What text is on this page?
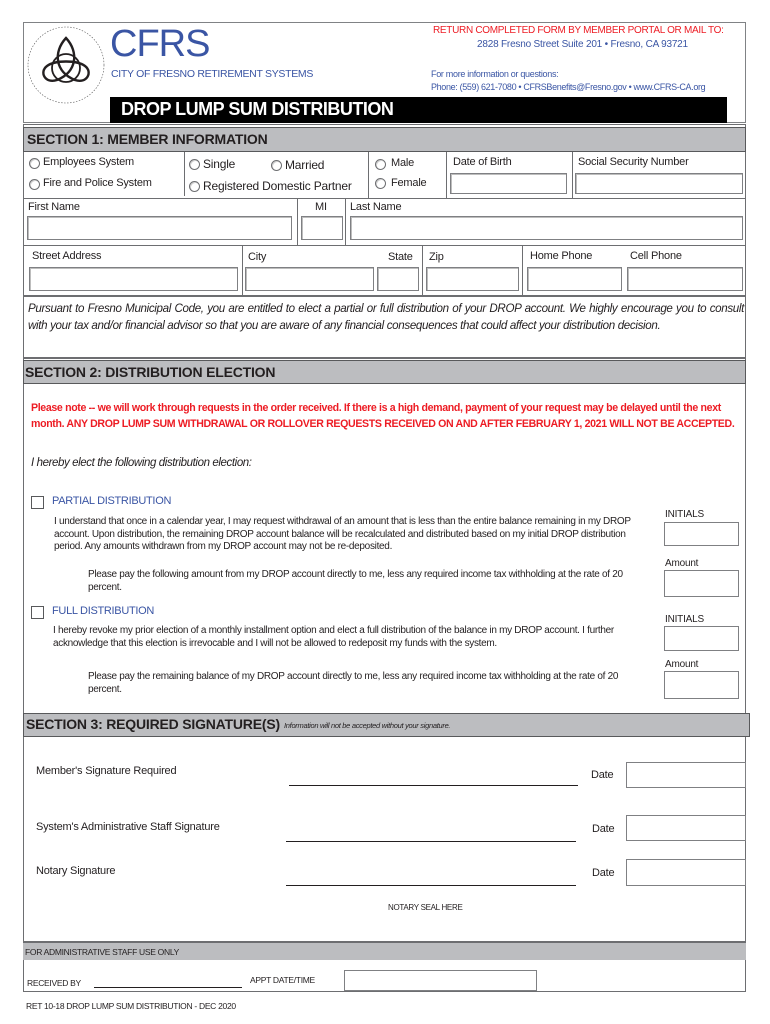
CFRS
CITY OF FRESNO RETIREMENT SYSTEMS
RETURN COMPLETED FORM BY MEMBER PORTAL OR MAIL TO:
2828 Fresno Street Suite 201 • Fresno, CA 93721
For more information or questions:
Phone: (559) 621-7080 • CFRSBenefits@Fresno.gov • www.CFRS-CA.org
DROP LUMP SUM DISTRIBUTION
SECTION 1: MEMBER INFORMATION
Employees System
Fire and Police System
Single	Married
Registered Domestic Partner
Male
Female
Date of Birth	Social Security Number
First Name	MI Last Name
Street Address	City	State Zip	Home Phone	Cell Phone
Pursuant to Fresno Municipal Code, you are entitled to elect a partial or full distribution of your DROP account. We highly encourage you to consult with your tax and/or financial advisor so that you are aware of any financial consequences that could affect your distribution decision.
SECTION 2: DISTRIBUTION ELECTION
Please note -- we will work through requests in the order received. If there is a high demand, payment of your request may be delayed until the next month. ANY DROP LUMP SUM WITHDRAWAL OR ROLLOVER REQUESTS RECEIVED ON AND AFTER FEBRUARY 1, 2021 WILL NOT BE ACCEPTED.
I hereby elect the following distribution election:
PARTIAL DISTRIBUTION
I understand that once in a calendar year, I may request withdrawal of an amount that is less than the entire balance remaining in my DROP account. Upon distribution, the remaining DROP account balance will be recalculated and distributed based on my initial DROP distribution period. Any amounts withdrawn from my DROP account may not be re-deposited.
Please pay the following amount from my DROP account directly to me, less any required income tax withholding at the rate of 20 percent.
INITIALS
Amount
FULL DISTRIBUTION
I hereby revoke my prior election of a monthly installment option and elect a full distribution of the balance in my DROP account. I further acknowledge that this election is irrevocable and I will not be allowed to redeposit my funds with the system.
Please pay the remaining balance of my DROP account directly to me, less any required income tax withholding at the rate of 20 percent.
INITIALS
Amount
SECTION 3: REQUIRED SIGNATURE(S) Information will not be accepted without your signature.
Member's Signature Required	Date
System's Administrative Staff Signature	Date
Notary Signature	Date
NOTARY SEAL HERE
FOR ADMINISTRATIVE STAFF USE ONLY
RECEIVED BY	APPT DATE/TIME
RET 10-18 DROP LUMP SUM DISTRIBUTION - DEC 2020
